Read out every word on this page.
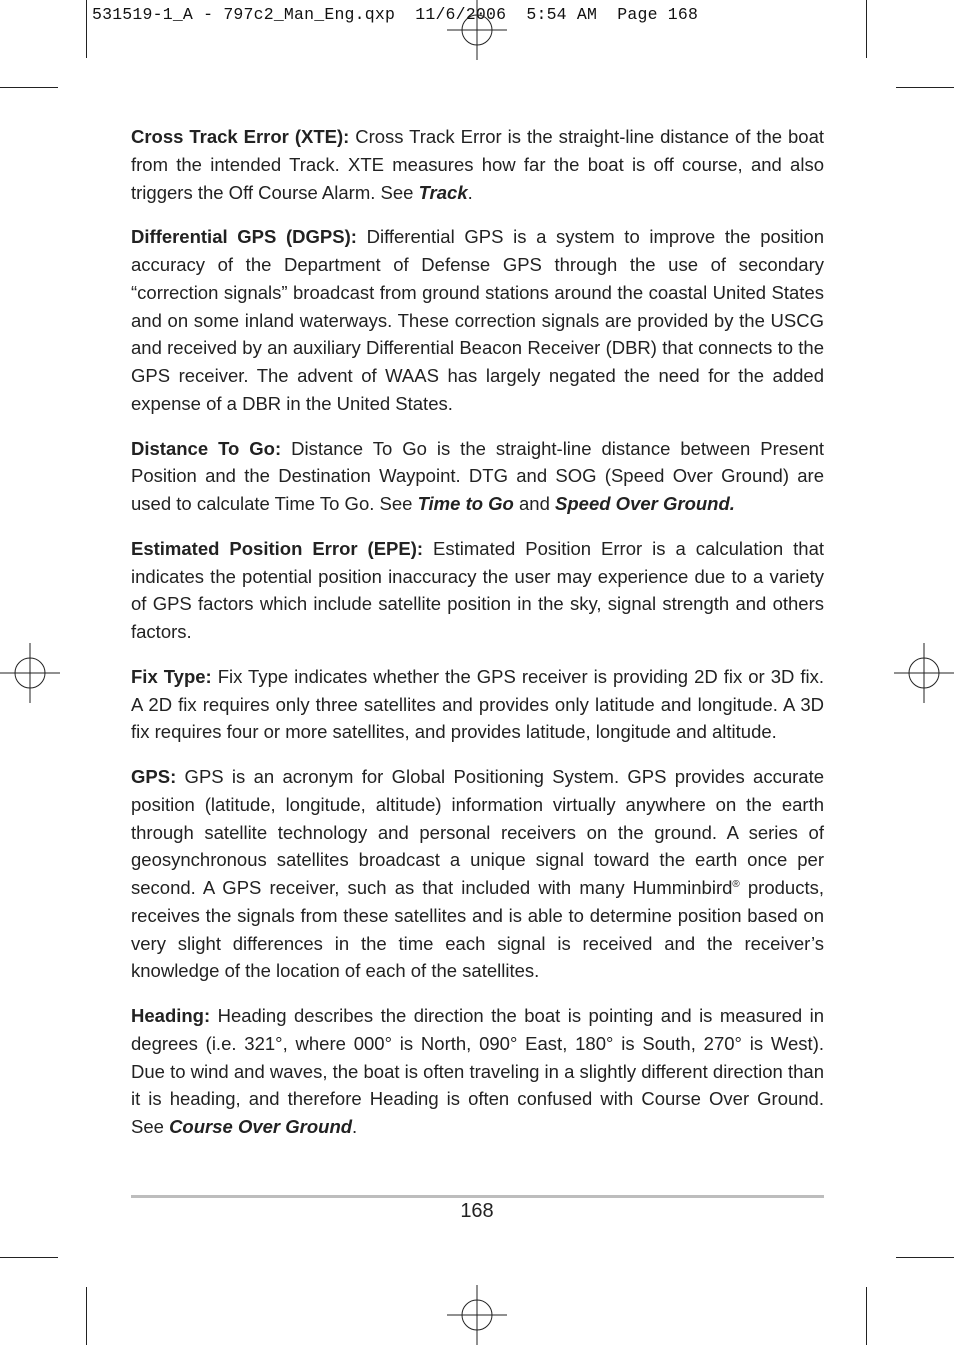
531519-1_A - 797c2_Man_Eng.qxp  11/6/2006  5:54 AM  Page 168

Cross Track Error (XTE): Cross Track Error is the straight-line distance of the boat from the intended Track. XTE measures how far the boat is off course, and also triggers the Off Course Alarm. See Track.

Differential GPS (DGPS): Differential GPS is a system to improve the position accuracy of the Department of Defense GPS through the use of secondary “correction signals” broadcast from ground stations around the coastal United States and on some inland waterways. These correction signals are provided by the USCG and received by an auxiliary Differential Beacon Receiver (DBR) that connects to the GPS receiver. The advent of WAAS has largely negated the need for the added expense of a DBR in the United States.

Distance To Go: Distance To Go is the straight-line distance between Present Position and the Destination Waypoint. DTG and SOG (Speed Over Ground) are used to calculate Time To Go. See Time to Go and Speed Over Ground.

Estimated Position Error (EPE): Estimated Position Error is a calculation that indicates the potential position inaccuracy the user may experience due to a variety of GPS factors which include satellite position in the sky, signal strength and others factors.

Fix Type: Fix Type indicates whether the GPS receiver is providing 2D fix or 3D fix. A 2D fix requires only three satellites and provides only latitude and longitude. A 3D fix requires four or more satellites, and provides latitude, longitude and altitude.

GPS: GPS is an acronym for Global Positioning System. GPS provides accurate position (latitude, longitude, altitude) information virtually anywhere on the earth through satellite technology and personal receivers on the ground. A series of geosynchronous satellites broadcast a unique signal toward the earth once per second. A GPS receiver, such as that included with many Humminbird® products, receives the signals from these satellites and is able to determine position based on very slight differences in the time each signal is received and the receiver’s knowledge of the location of each of the satellites.

Heading: Heading describes the direction the boat is pointing and is measured in degrees (i.e. 321°, where 000° is North, 090° East, 180° is South, 270° is West). Due to wind and waves, the boat is often traveling in a slightly different direction than it is heading, and therefore Heading is often confused with Course Over Ground. See Course Over Ground.

168
